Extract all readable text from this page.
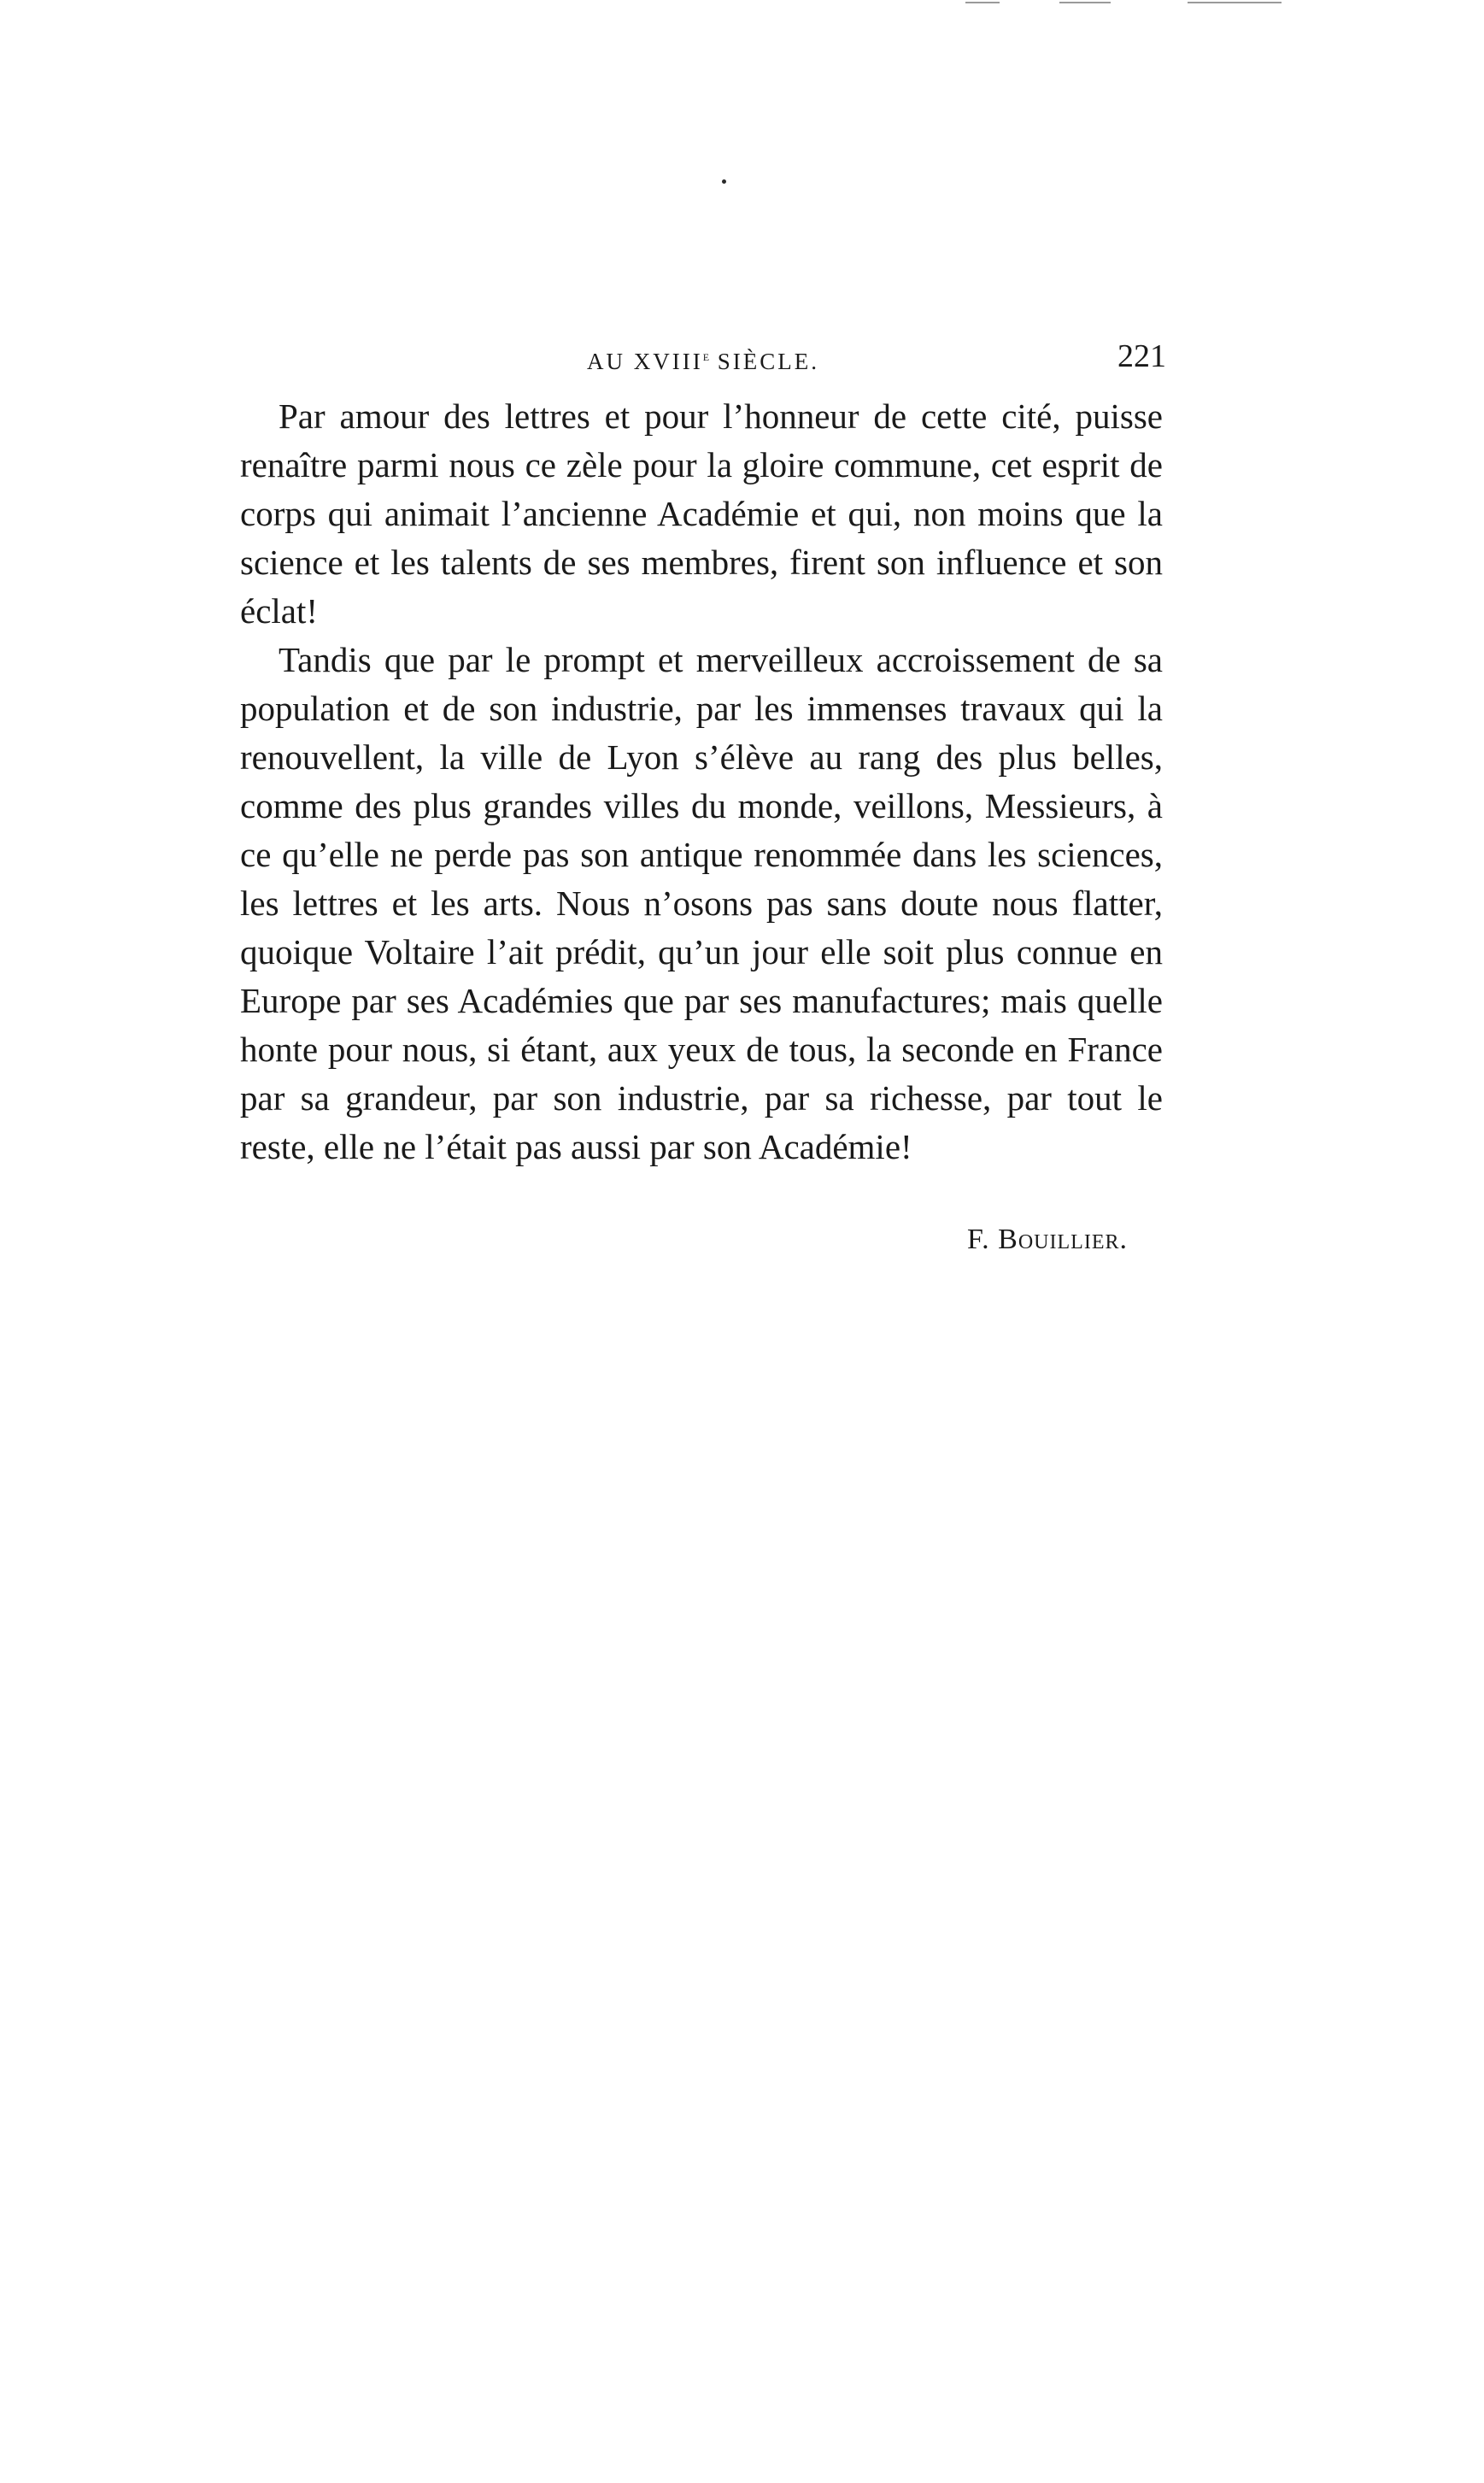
AU XVIIIe SIÈCLE.	221

Par amour des lettres et pour l’honneur de cette cité, puisse renaître parmi nous ce zèle pour la gloire commune, cet esprit de corps qui animait l’ancienne Académie et qui, non moins que la science et les talents de ses membres, firent son influence et son éclat!

Tandis que par le prompt et merveilleux accroissement de sa population et de son industrie, par les immenses travaux qui la renouvellent, la ville de Lyon s’élève au rang des plus belles, comme des plus grandes villes du monde, veillons, Messieurs, à ce qu’elle ne perde pas son antique renommée dans les sciences, les lettres et les arts. Nous n’osons pas sans doute nous flatter, quoique Voltaire l’ait prédit, qu’un jour elle soit plus connue en Europe par ses Académies que par ses manufactures; mais quelle honte pour nous, si étant, aux yeux de tous, la seconde en France par sa grandeur, par son industrie, par sa richesse, par tout le reste, elle ne l’était pas aussi par son Académie!

F. Bouillier.
